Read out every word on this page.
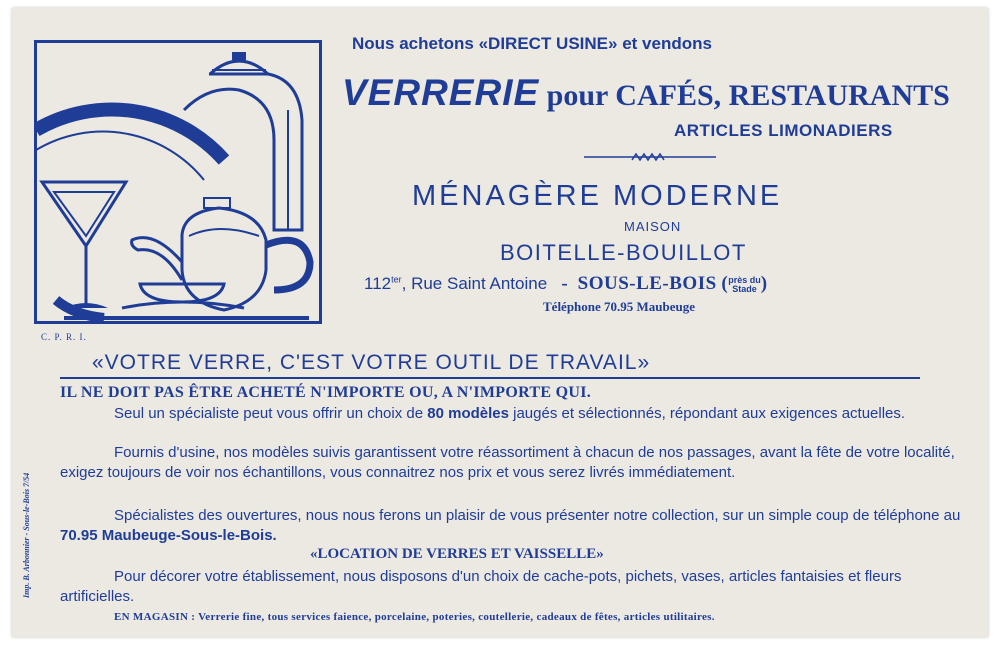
C. P. R. I.
Imp. B. Arbonnier - Sous-le-Bois 7/54
Nous achetons «DIRECT USINE» et vendons
VERRERIE pour CAFÉS, RESTAURANTS
ARTICLES LIMONADIERS
MÉNAGÈRE MODERNE
MAISON
BOITELLE-BOUILLOT
$112^{ter}$, Rue Saint Antoine - SOUS-LE-BOIS (près du
Stade )
Téléphone 70.95 Maubeuge
«VOTRE VERRE, C'EST VOTRE OUTIL DE TRAVAIL»
IL NE DOIT PAS ÊTRE ACHETÉ N'IMPORTE OU, A N'IMPORTE QUI.
Seul un spécialiste peut vous offrir un choix de 80 modèles jaugés et sélectionnés, répondant aux exigences actuelles.
Fournis d'usine, nos modèles suivis garantissent votre réassortiment à chacun de nos passages, avant la fête de votre localité, exigez toujours de voir nos échantillons, vous connaitrez nos prix et vous serez livrés immédiatement.
Spécialistes des ouvertures, nous nous ferons un plaisir de vous présenter notre collection, sur un simple coup de téléphone au 70.95 Maubeuge-Sous-le-Bois.
«LOCATION DE VERRES ET VAISSELLE»
Pour décorer votre établissement, nous disposons d'un choix de cache-pots, pichets, vases, articles fantaisies et fleurs artificielles.
EN MAGASIN : Verrerie fine, tous services faience, porcelaine, poteries, coutellerie, cadeaux de fêtes, articles utilitaires.
